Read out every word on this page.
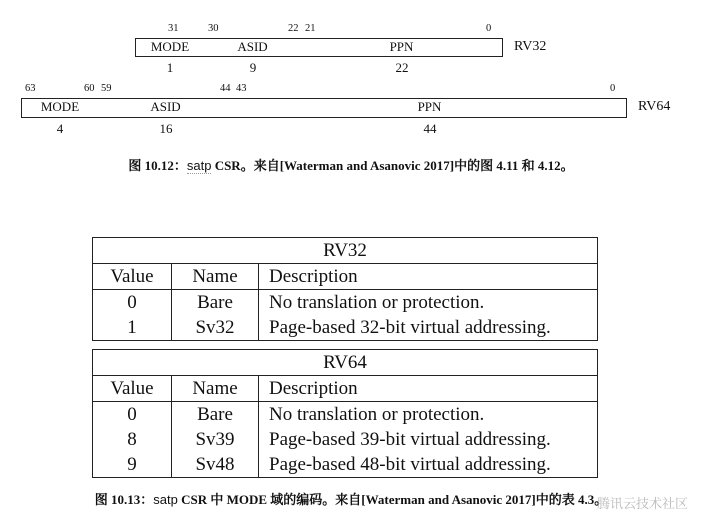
31	30	22 21	0
MODE	ASID	PPN	RV32
1	9	22
63	60 59	44 43	0
MODE	ASID	PPN	RV64
4	16	44
图 10.12：satp CSR。来自[Waterman and Asanovic 2017]中的图 4.11 和 4.12。
RV32		
Value	Name	Description
0	Bare	No translation or protection.
1	Sv32	Page-based 32-bit virtual addressing.
RV64		
Value	Name	Description
0	Bare	No translation or protection.
8	Sv39	Page-based 39-bit virtual addressing.
9	Sv48	Page-based 48-bit virtual addressing.
图 10.13：satp CSR 中 MODE 域的编码。来自[Waterman and Asanovic 2017]中的表 4.3。
腾讯云技术社区
